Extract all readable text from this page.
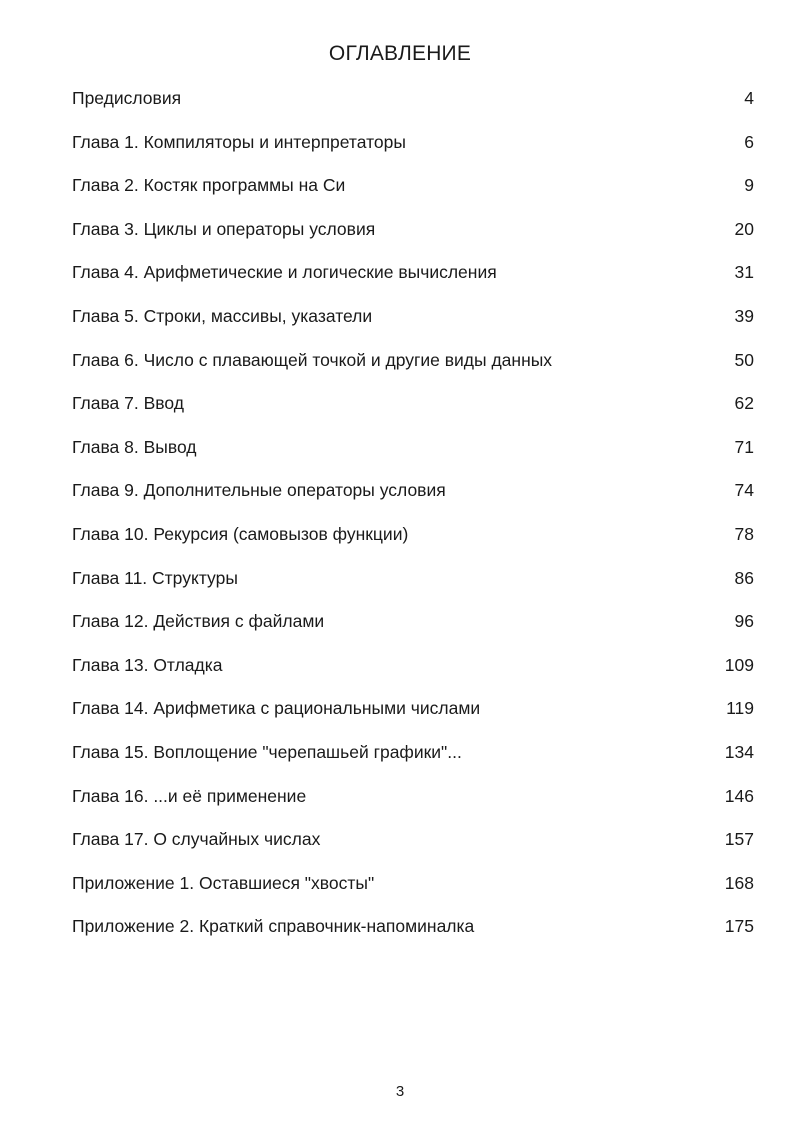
ОГЛАВЛЕНИЕ
Предисловия	4
Глава 1. Компиляторы и интерпретаторы	6
Глава 2. Костяк программы на Си	9
Глава 3. Циклы и операторы условия	20
Глава 4. Арифметические и логические вычисления	31
Глава 5. Строки, массивы, указатели	39
Глава 6. Число с плавающей точкой и другие виды данных	50
Глава 7. Ввод	62
Глава 8. Вывод	71
Глава 9. Дополнительные операторы условия	74
Глава 10. Рекурсия (самовызов функции)	78
Глава 11. Структуры	86
Глава 12. Действия с файлами	96
Глава 13. Отладка	109
Глава 14. Арифметика с рациональными числами	119
Глава 15. Воплощение "черепашьей графики"...	134
Глава 16. ...и её применение	146
Глава 17. О случайных числах	157
Приложение 1. Оставшиеся "хвосты"	168
Приложение 2. Краткий справочник-напоминалка	175
3
